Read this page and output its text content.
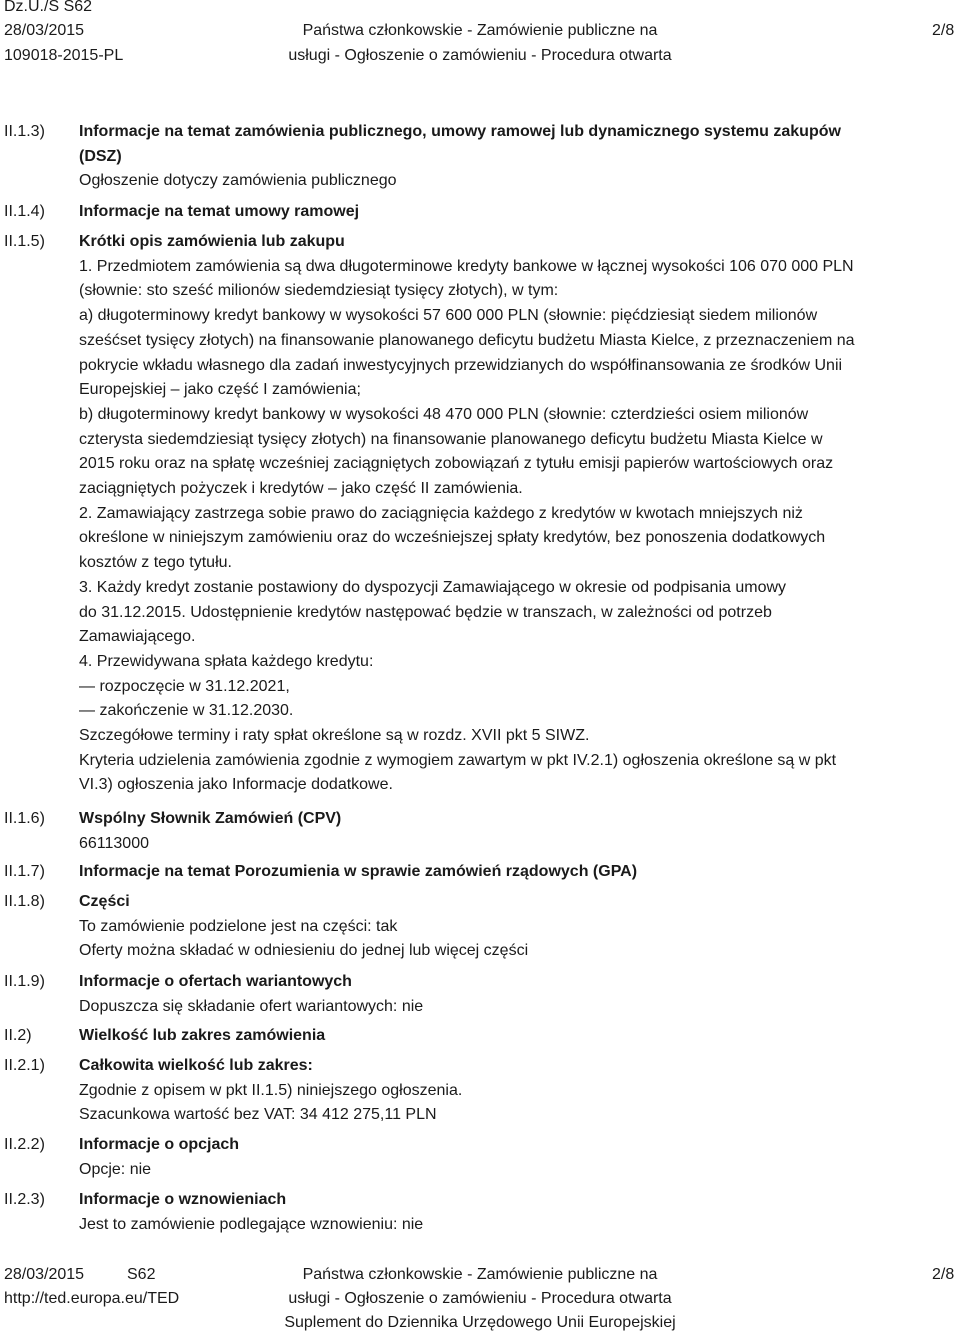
Dz.U./S S62
28/03/2015
109018-2015-PL
Państwa członkowskie - Zamówienie publiczne na
usługi - Ogłoszenie o zamówieniu - Procedura otwarta
2/8
II.1.3) Informacje na temat zamówienia publicznego, umowy ramowej lub dynamicznego systemu zakupów
(DSZ)
Ogłoszenie dotyczy zamówienia publicznego
II.1.4) Informacje na temat umowy ramowej
II.1.5) Krótki opis zamówienia lub zakupu
1. Przedmiotem zamówienia są dwa długoterminowe kredyty bankowe w łącznej wysokości 106 070 000 PLN
(słownie: sto sześć milionów siedemdziesiąt tysięcy złotych), w tym:
a) długoterminowy kredyt bankowy w wysokości 57 600 000 PLN (słownie: pięćdziesiąt siedem milionów
sześćset tysięcy złotych) na finansowanie planowanego deficytu budżetu Miasta Kielce, z przeznaczeniem na
pokrycie wkładu własnego dla zadań inwestycyjnych przewidzianych do współfinansowania ze środków Unii
Europejskiej – jako część I zamówienia;
b) długoterminowy kredyt bankowy w wysokości 48 470 000 PLN (słownie: czterdzieści osiem milionów
czterysta siedemdziesiąt tysięcy złotych) na finansowanie planowanego deficytu budżetu Miasta Kielce w
2015 roku oraz na spłatę wcześniej zaciągniętych zobowiązań z tytułu emisji papierów wartościowych oraz
zaciągniętych pożyczek i kredytów – jako część II zamówienia.
2. Zamawiający zastrzega sobie prawo do zaciągnięcia każdego z kredytów w kwotach mniejszych niż
określone w niniejszym zamówieniu oraz do wcześniejszej spłaty kredytów, bez ponoszenia dodatkowych
kosztów z tego tytułu.
3. Każdy kredyt zostanie postawiony do dyspozycji Zamawiającego w okresie od podpisania umowy
do 31.12.2015. Udostępnienie kredytów następować będzie w transzach, w zależności od potrzeb
Zamawiającego.
4. Przewidywana spłata każdego kredytu:
— rozpoczęcie w 31.12.2021,
— zakończenie w 31.12.2030.
Szczegółowe terminy i raty spłat określone są w rozdz. XVII pkt 5 SIWZ.
Kryteria udzielenia zamówienia zgodnie z wymogiem zawartym w pkt IV.2.1) ogłoszenia określone są w pkt
VI.3) ogłoszenia jako Informacje dodatkowe.
II.1.6) Wspólny Słownik Zamówień (CPV)
66113000
II.1.7) Informacje na temat Porozumienia w sprawie zamówień rządowych (GPA)
II.1.8) Części
To zamówienie podzielone jest na części: tak
Oferty można składać w odniesieniu do jednej lub więcej części
II.1.9) Informacje o ofertach wariantowych
Dopuszcza się składanie ofert wariantowych: nie
II.2)	Wielkość lub zakres zamówienia
II.2.1) Całkowita wielkość lub zakres:
Zgodnie z opisem w pkt II.1.5) niniejszego ogłoszenia.
Szacunkowa wartość bez VAT: 34 412 275,11 PLN
II.2.2) Informacje o opcjach
Opcje: nie
II.2.3) Informacje o wznowieniach
Jest to zamówienie podlegające wznowieniu: nie
28/03/2015	S62
http://ted.europa.eu/TED
Państwa członkowskie - Zamówienie publiczne na
usługi - Ogłoszenie o zamówieniu - Procedura otwarta
Suplement do Dziennika Urzędowego Unii Europejskiej
2/8
